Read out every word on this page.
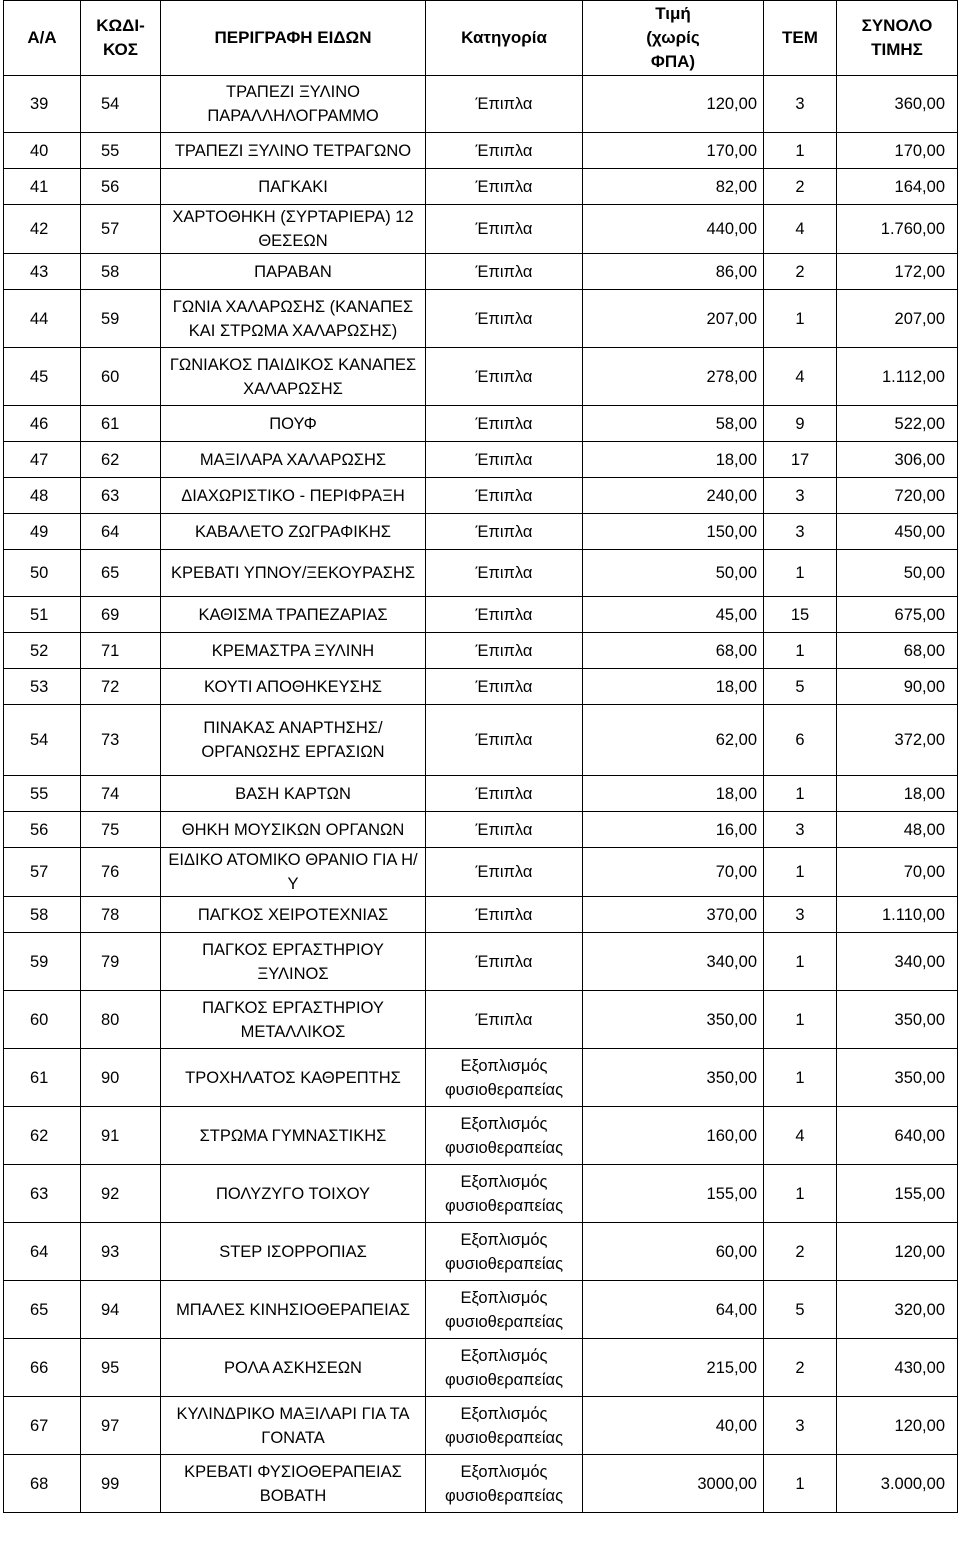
Α/Α	ΚΩΔΙ-ΚΟΣ	ΠΕΡΙΓΡΑΦΗ ΕΙΔΩΝ	Κατηγορία	Τιμή (χωρίς ΦΠΑ)	ΤΕΜ	ΣΥΝΟΛΟ ΤΙΜΗΣ
39	54	ΤΡΑΠΕΖΙ ΞΥΛΙΝΟ ΠΑΡΑΛΛΗΛΟΓΡΑΜΜΟ	Έπιπλα	120,00	3	360,00
40	55	ΤΡΑΠΕΖΙ ΞΥΛΙΝΟ ΤΕΤΡΑΓΩΝΟ	Έπιπλα	170,00	1	170,00
41	56	ΠΑΓΚΑΚΙ	Έπιπλα	82,00	2	164,00
42	57	ΧΑΡΤΟΘΗΚΗ (ΣΥΡΤΑΡΙΕΡΑ) 12 ΘΕΣΕΩΝ	Έπιπλα	440,00	4	1.760,00
43	58	ΠΑΡΑΒΑΝ	Έπιπλα	86,00	2	172,00
44	59	ΓΩΝΙΑ ΧΑΛΑΡΩΣΗΣ (ΚΑΝΑΠΕΣ ΚΑΙ ΣΤΡΩΜΑ ΧΑΛΑΡΩΣΗΣ)	Έπιπλα	207,00	1	207,00
45	60	ΓΩΝΙΑΚΟΣ ΠΑΙΔΙΚΟΣ ΚΑΝΑΠΕΣ ΧΑΛΑΡΩΣΗΣ	Έπιπλα	278,00	4	1.112,00
46	61	ΠΟΥΦ	Έπιπλα	58,00	9	522,00
47	62	ΜΑΞΙΛΑΡΑ ΧΑΛΑΡΩΣΗΣ	Έπιπλα	18,00	17	306,00
48	63	ΔΙΑΧΩΡΙΣΤΙΚΟ - ΠΕΡΙΦΡΑΞΗ	Έπιπλα	240,00	3	720,00
49	64	ΚΑΒΑΛΕΤΟ ΖΩΓΡΑΦΙΚΗΣ	Έπιπλα	150,00	3	450,00
50	65	ΚΡΕΒΑΤΙ ΥΠΝΟΥ/ΞΕΚΟΥΡΑΣΗΣ	Έπιπλα	50,00	1	50,00
51	69	ΚΑΘΙΣΜΑ ΤΡΑΠΕΖΑΡΙΑΣ	Έπιπλα	45,00	15	675,00
52	71	ΚΡΕΜΑΣΤΡΑ ΞΥΛΙΝΗ	Έπιπλα	68,00	1	68,00
53	72	ΚΟΥΤΙ ΑΠΟΘΗΚΕΥΣΗΣ	Έπιπλα	18,00	5	90,00
54	73	ΠΙΝΑΚΑΣ ΑΝΑΡΤΗΣΗΣ/ΟΡΓΑΝΩΣΗΣ ΕΡΓΑΣΙΩΝ	Έπιπλα	62,00	6	372,00
55	74	ΒΑΣΗ ΚΑΡΤΩΝ	Έπιπλα	18,00	1	18,00
56	75	ΘΗΚΗ ΜΟΥΣΙΚΩΝ ΟΡΓΑΝΩΝ	Έπιπλα	16,00	3	48,00
57	76	ΕΙΔΙΚΟ ΑΤΟΜΙΚΟ ΘΡΑΝΙΟ ΓΙΑ Η/Υ	Έπιπλα	70,00	1	70,00
58	78	ΠΑΓΚΟΣ ΧΕΙΡΟΤΕΧΝΙΑΣ	Έπιπλα	370,00	3	1.110,00
59	79	ΠΑΓΚΟΣ ΕΡΓΑΣΤΗΡΙΟΥ ΞΥΛΙΝΟΣ	Έπιπλα	340,00	1	340,00
60	80	ΠΑΓΚΟΣ ΕΡΓΑΣΤΗΡΙΟΥ ΜΕΤΑΛΛΙΚΟΣ	Έπιπλα	350,00	1	350,00
61	90	ΤΡΟΧΗΛΑΤΟΣ ΚΑΘΡΕΠΤΗΣ	Εξοπλισμός φυσιοθεραπείας	350,00	1	350,00
62	91	ΣΤΡΩΜΑ ΓΥΜΝΑΣΤΙΚΗΣ	Εξοπλισμός φυσιοθεραπείας	160,00	4	640,00
63	92	ΠΟΛΥΖΥΓΟ ΤΟΙΧΟΥ	Εξοπλισμός φυσιοθεραπείας	155,00	1	155,00
64	93	STEP ΙΣΟΡΡΟΠΙΑΣ	Εξοπλισμός φυσιοθεραπείας	60,00	2	120,00
65	94	ΜΠΑΛΕΣ ΚΙΝΗΣΙΟΘΕΡΑΠΕΙΑΣ	Εξοπλισμός φυσιοθεραπείας	64,00	5	320,00
66	95	ΡΟΛΑ ΑΣΚΗΣΕΩΝ	Εξοπλισμός φυσιοθεραπείας	215,00	2	430,00
67	97	ΚΥΛΙΝΔΡΙΚΟ ΜΑΞΙΛΑΡΙ ΓΙΑ ΤΑ ΓΟΝΑΤΑ	Εξοπλισμός φυσιοθεραπείας	40,00	3	120,00
68	99	ΚΡΕΒΑΤΙ ΦΥΣΙΟΘΕΡΑΠΕΙΑΣ ΒΟΒΑΤΗ	Εξοπλισμός φυσιοθεραπείας	3000,00	1	3.000,00
